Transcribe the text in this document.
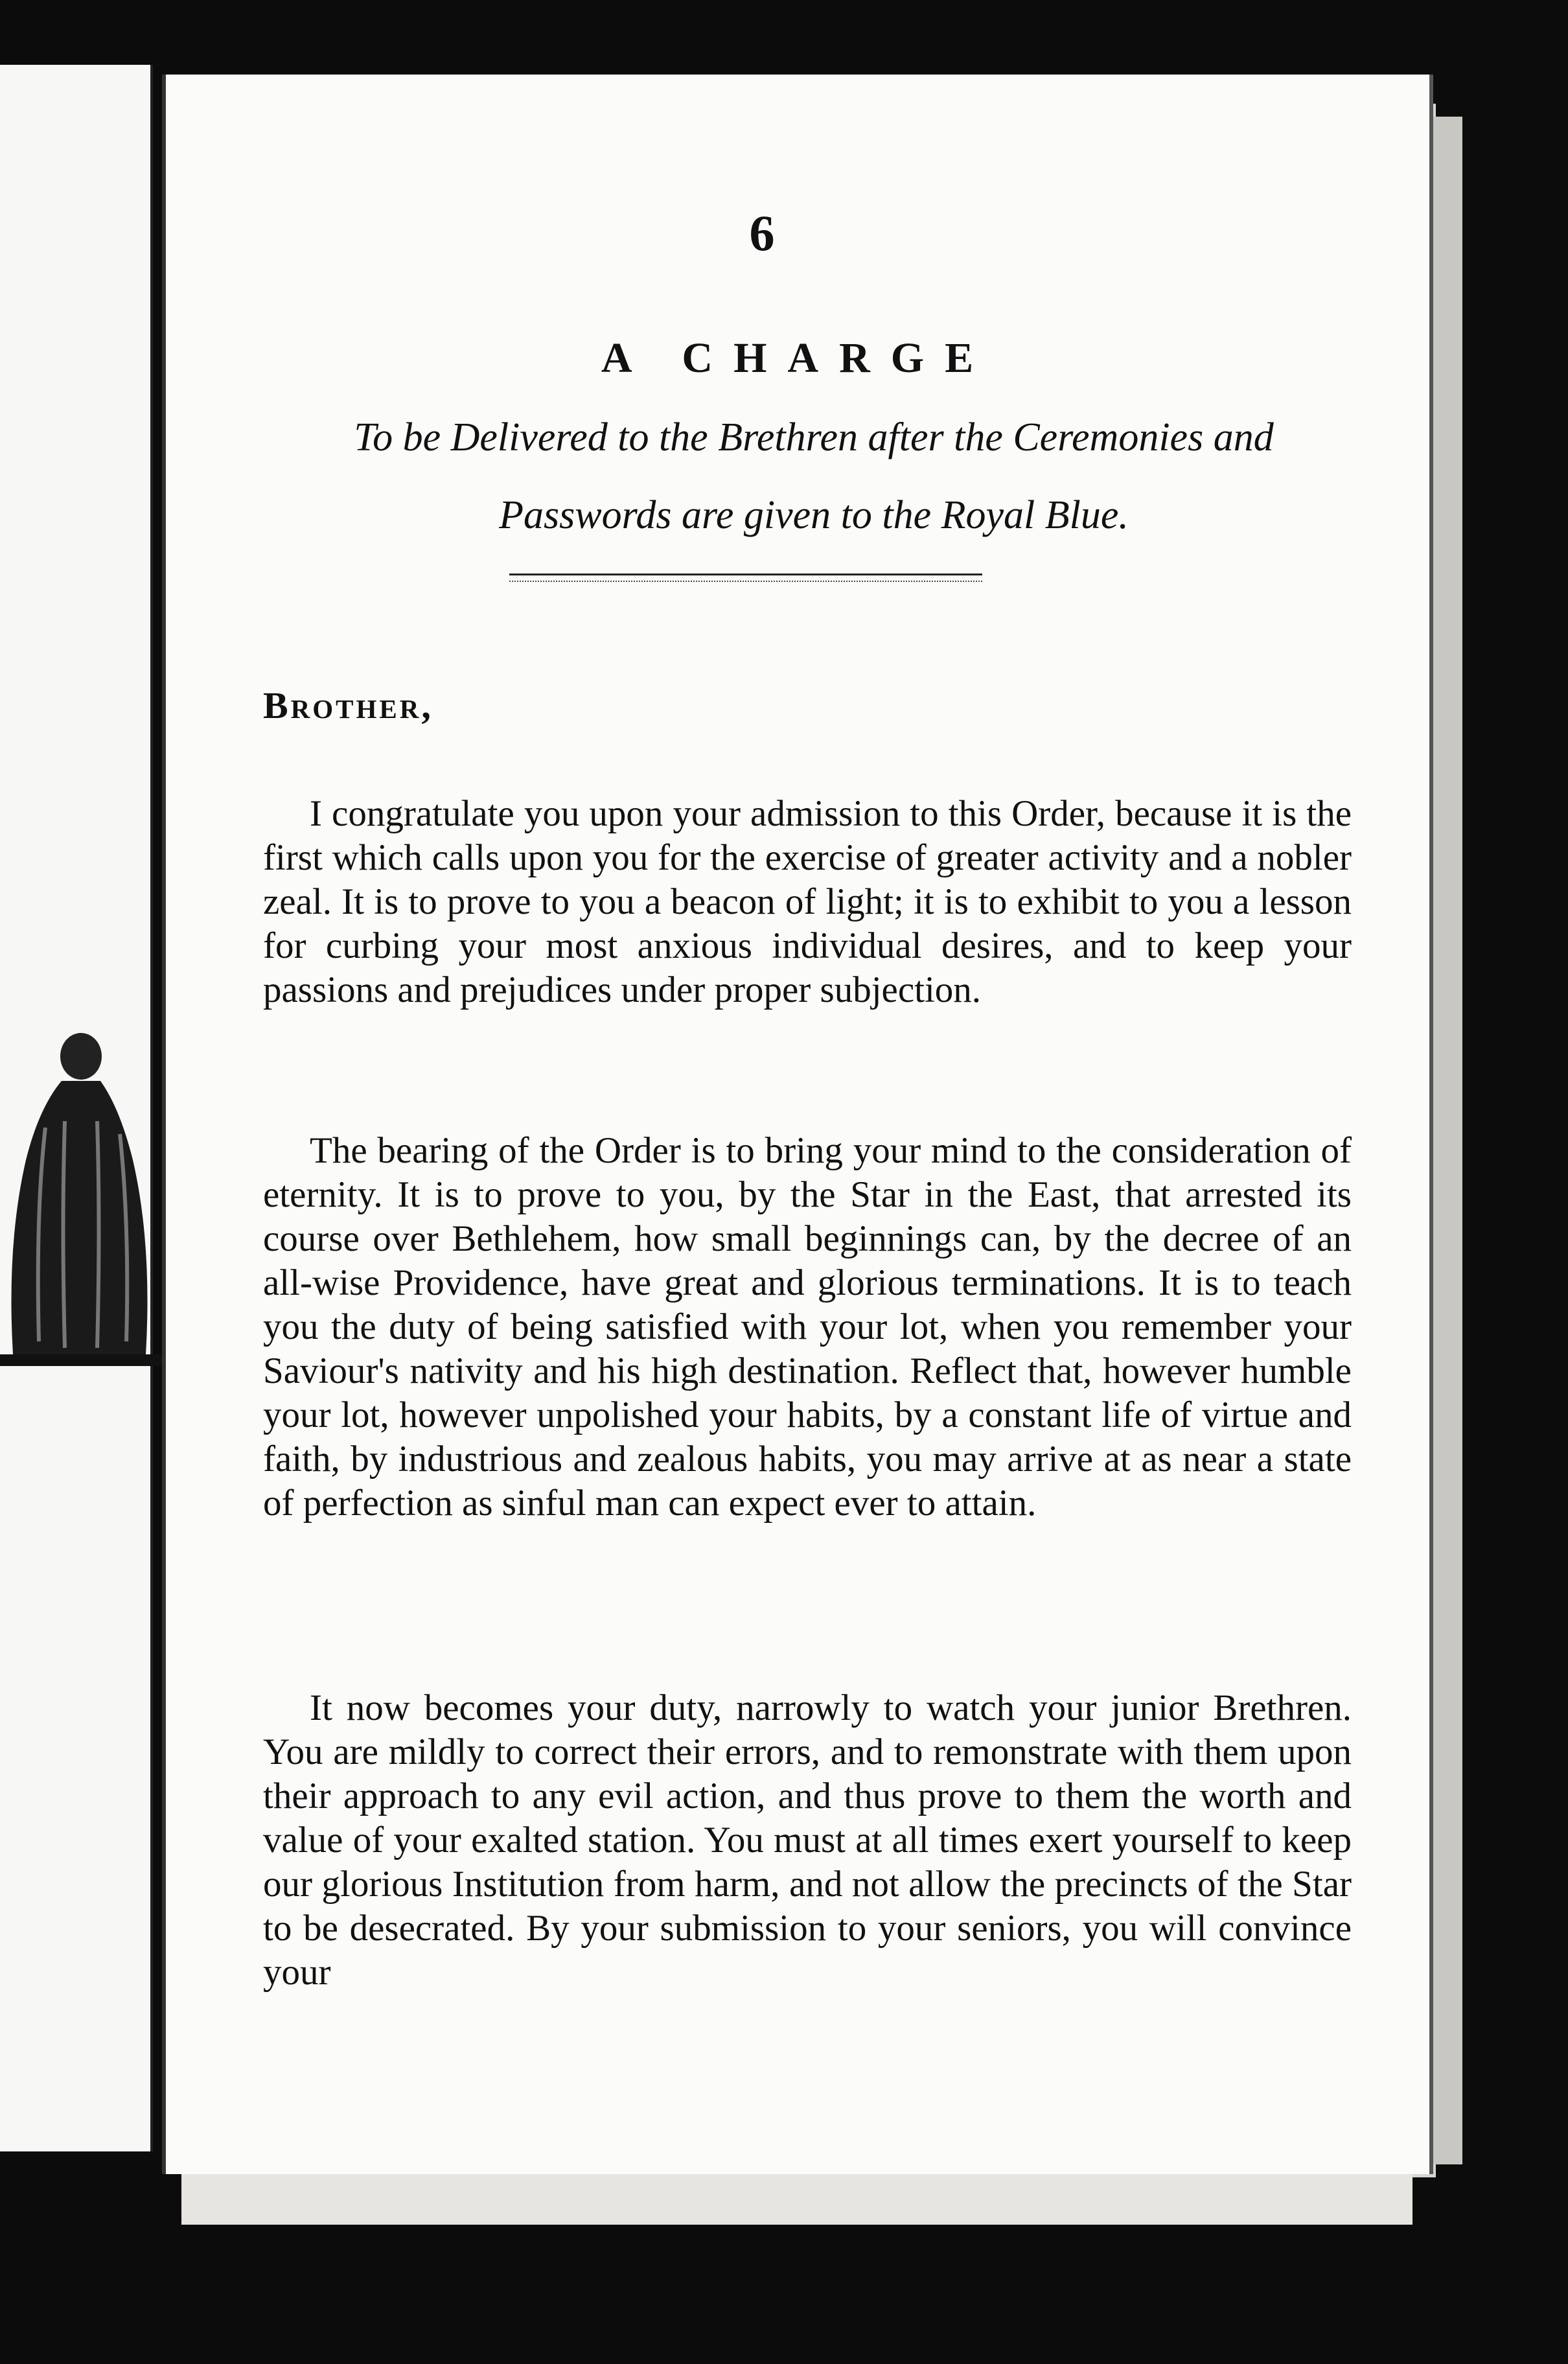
6
A CHARGE
To be Delivered to the Brethren after the Ceremonies and
Passwords are given to the Royal Blue.
Brother,

I congratulate you upon your admission to this Order, because it is the first which calls upon you for the exercise of greater activity and a nobler zeal. It is to prove to you a beacon of light; it is to exhibit to you a lesson for curbing your most anxious individual desires, and to keep your passions and prejudices under proper subjection.

The bearing of the Order is to bring your mind to the consideration of eternity. It is to prove to you, by the Star in the East, that arrested its course over Bethlehem, how small beginnings can, by the decree of an all-wise Providence, have great and glorious terminations. It is to teach you the duty of being satisfied with your lot, when you remember your Saviour's nativity and his high destination. Reflect that, however humble your lot, however unpolished your habits, by a constant life of virtue and faith, by industrious and zealous habits, you may arrive at as near a state of perfection as sinful man can expect ever to attain.

It now becomes your duty, narrowly to watch your junior Brethren. You are mildly to correct their errors, and to remonstrate with them upon their approach to any evil action, and thus prove to them the worth and value of your exalted station. You must at all times exert yourself to keep our glorious Institution from harm, and not allow the precincts of the Star to be desecrated. By your submission to your seniors, you will convince your
